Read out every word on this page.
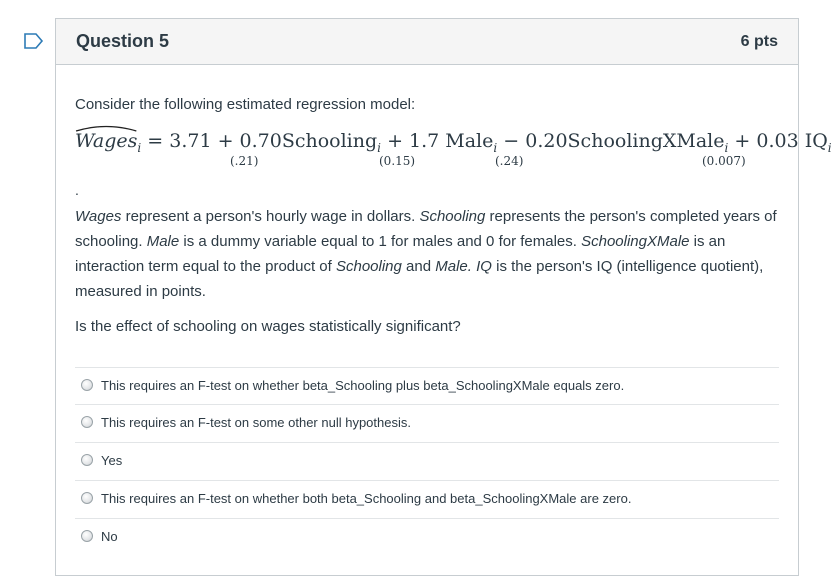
Question 5	6 pts

Consider the following estimated regression model:

Wages
$_i$ = 3.71 + 0.70Schooling$_i$ + 1.7 Male$_i$ − 0.20SchoolingXMale$_i$ + 0.03 $IQ_i$
(.21)	(0.15)	(.24)	(0.007)
.

Wages represent a person's hourly wage in dollars. Schooling represents the person's completed years of schooling. Male is a dummy variable equal to 1 for males and 0 for females. SchoolingXMale is an interaction term equal to the product of Schooling and Male. IQ is the person's IQ (intelligence quotient), measured in points.

Is the effect of schooling on wages statistically significant?

This requires an F-test on whether beta_Schooling plus beta_SchoolingXMale equals zero.
This requires an F-test on some other null hypothesis.
Yes
This requires an F-test on whether both beta_Schooling and beta_SchoolingXMale are zero.
No
